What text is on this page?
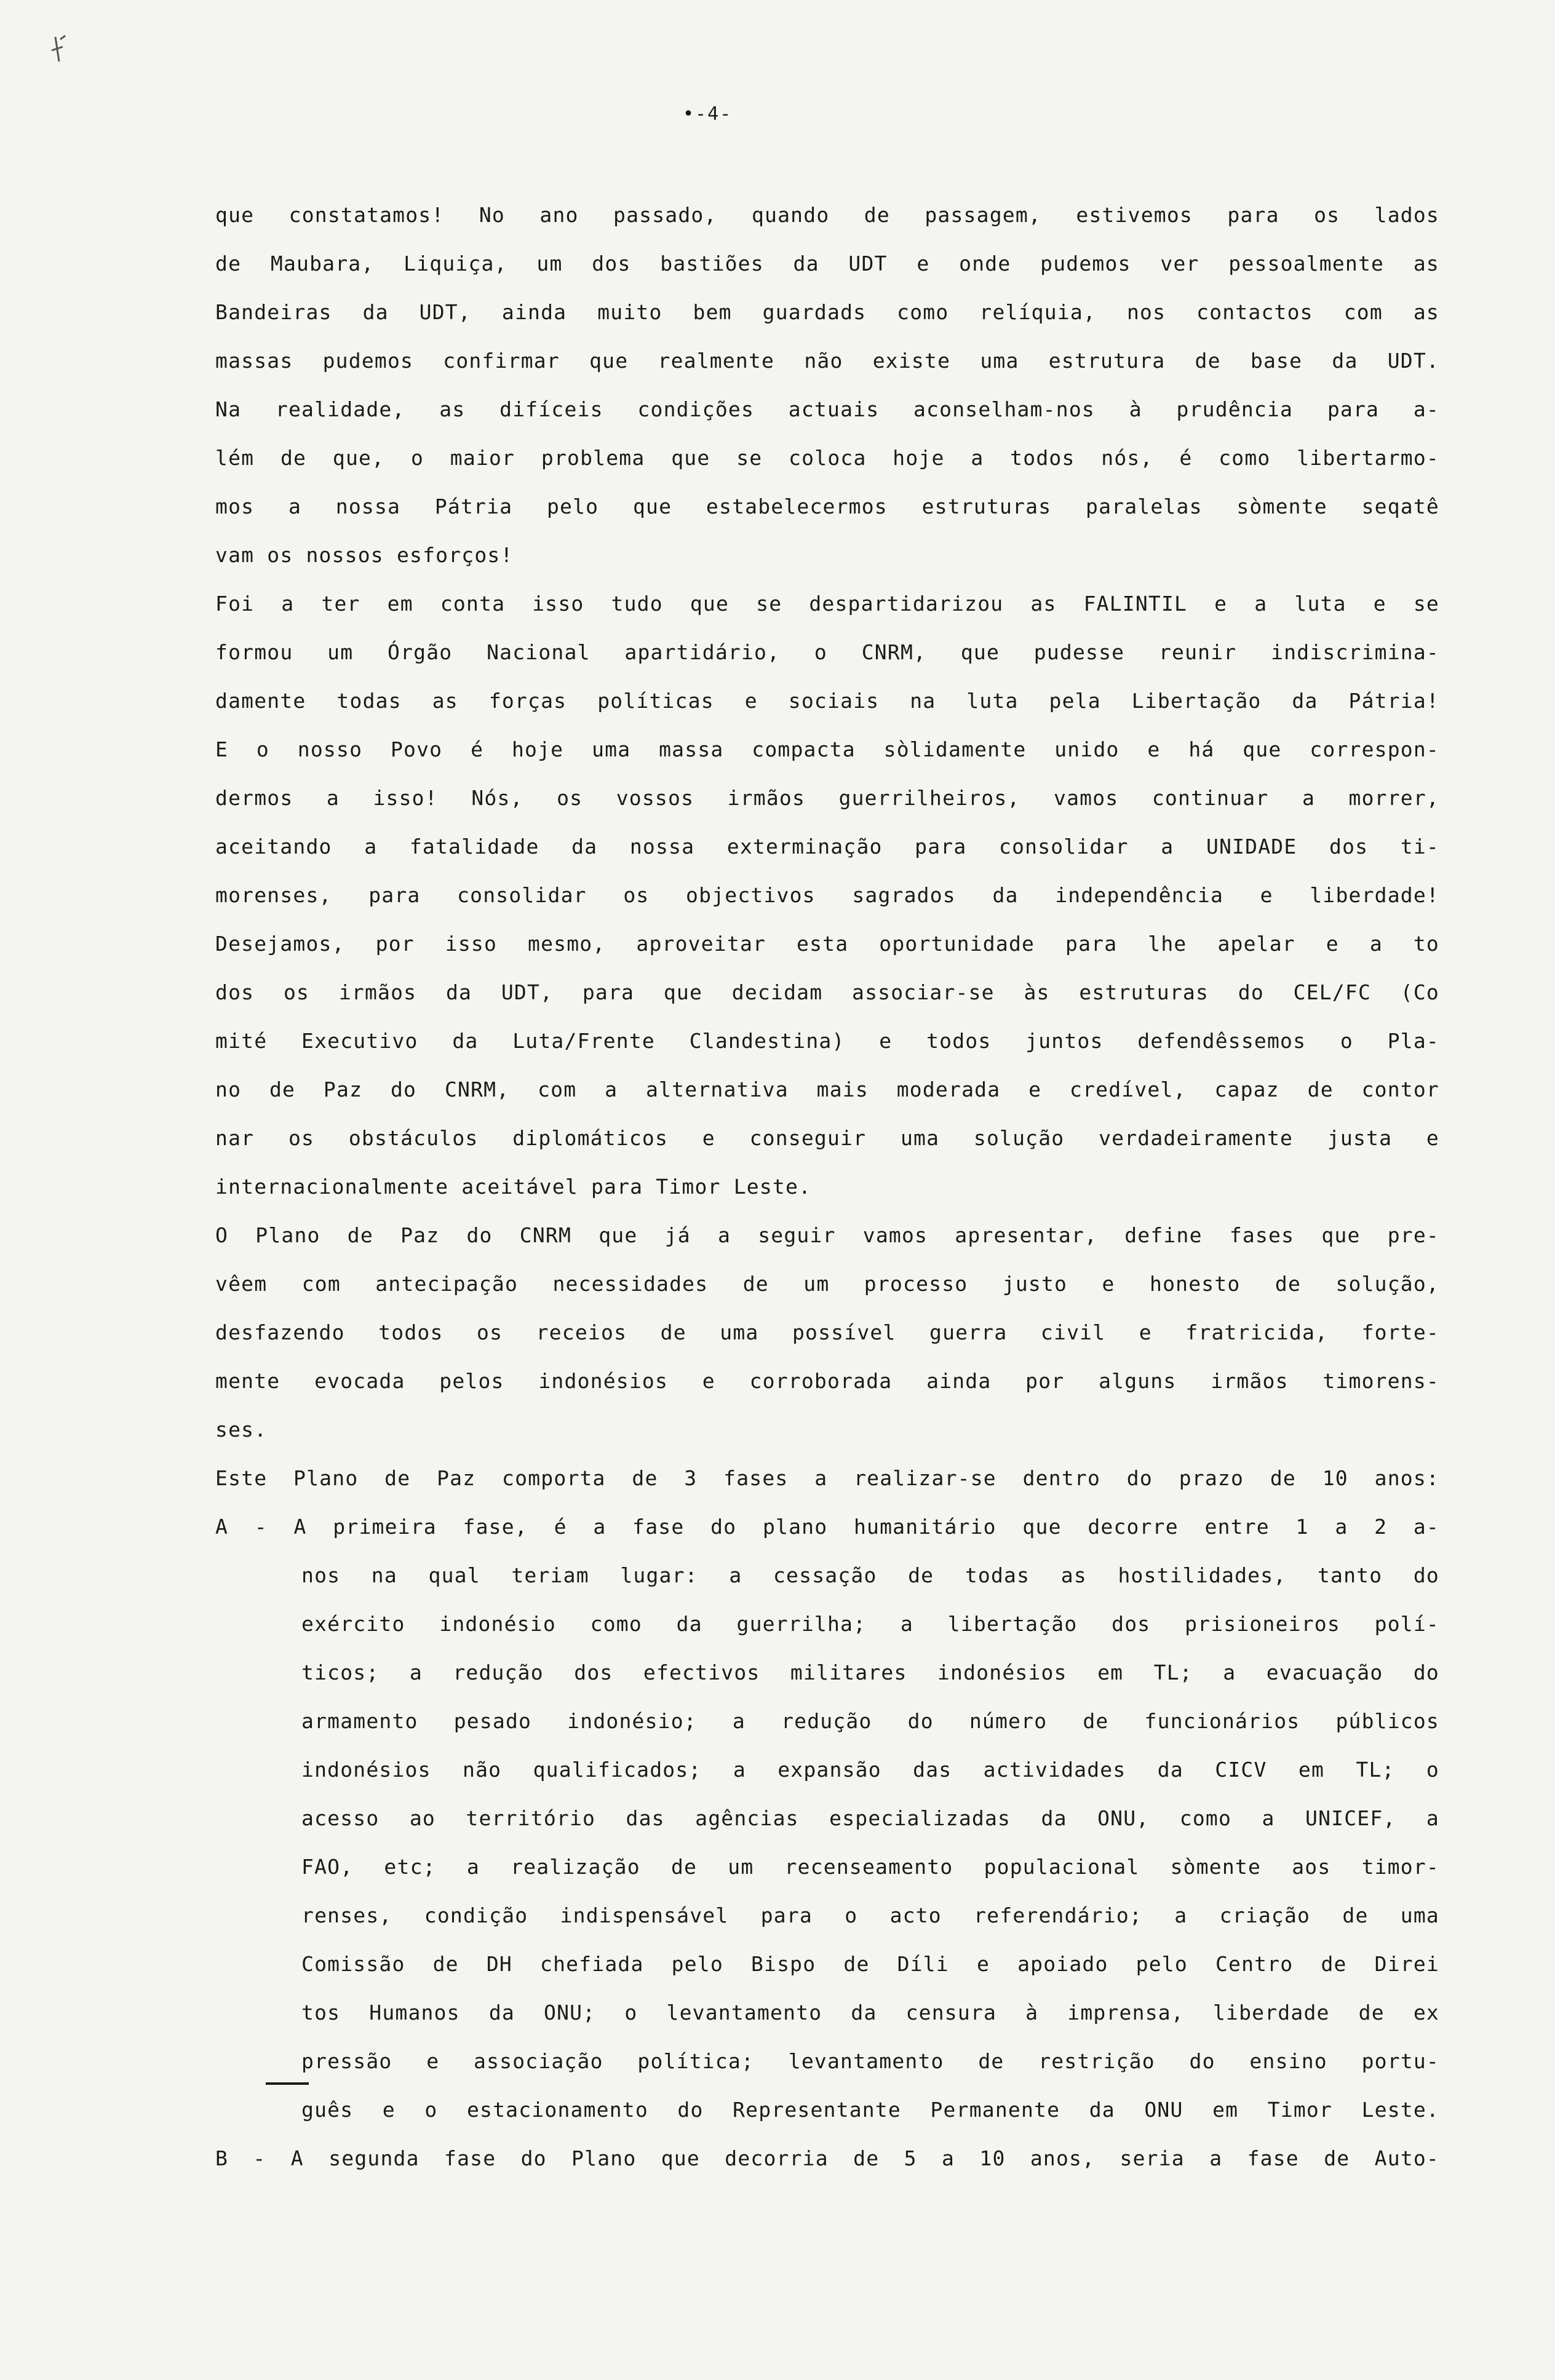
•-4-
que constatamos! No ano passado, quando de passagem, estivemos para os lados
de Maubara, Liquiça, um dos bastiões da UDT e onde pudemos ver pessoalmente as
Bandeiras da UDT, ainda muito bem guardads como relíquia, nos contactos com as
massas pudemos confirmar que realmente não existe uma estrutura de base da UDT.
Na realidade, as difíceis condições actuais aconselham-nos à prudência para a-
lém de que, o maior problema que se coloca hoje a todos nós, é como libertarmo-
mos a nossa Pátria pelo que estabelecermos estruturas paralelas sòmente seqatê
vam os nossos esforços!
Foi a ter em conta isso tudo que se despartidarizou as FALINTIL e a luta e se
formou um Órgão Nacional apartidário, o CNRM, que pudesse reunir indiscrimina-
damente todas as forças políticas e sociais na luta pela Libertação da Pátria!
E o nosso Povo é hoje uma massa compacta sòlidamente unido e há que correspon-
dermos a isso! Nós, os vossos irmãos guerrilheiros, vamos continuar a morrer,
aceitando a fatalidade da nossa exterminação para consolidar a UNIDADE dos ti-
morenses, para consolidar os objectivos sagrados da independência e liberdade!
Desejamos, por isso mesmo, aproveitar esta oportunidade para lhe apelar e a to
dos os irmãos da UDT, para que decidam associar-se às estruturas do CEL/FC (Co
mité Executivo da Luta/Frente Clandestina) e todos juntos defendêssemos o Pla-
no de Paz do CNRM, com a alternativa mais moderada e credível, capaz de contor
nar os obstáculos diplomáticos e conseguir uma solução verdadeiramente justa e
internacionalmente aceitável para Timor Leste.
O Plano de Paz do CNRM que já a seguir vamos apresentar, define fases que pre-
vêem com antecipação necessidades de um processo justo e honesto de solução,
desfazendo todos os receios de uma possível guerra civil e fratricida, forte-
mente evocada pelos indonésios e corroborada ainda por alguns irmãos timorens-
ses.
Este Plano de Paz comporta de 3 fases a realizar-se dentro do prazo de 10 anos:
A - A primeira fase, é a fase do plano humanitário que decorre entre 1 a 2 a-
nos na qual teriam lugar: a cessação de todas as hostilidades, tanto do
exército indonésio como da guerrilha; a libertação dos prisioneiros polí-
ticos; a redução dos efectivos militares indonésios em TL; a evacuação do
armamento pesado indonésio; a redução do número de funcionários públicos
indonésios não qualificados; a expansão das actividades da CICV em TL; o
acesso ao território das agências especializadas da ONU, como a UNICEF, a
FAO, etc; a realização de um recenseamento populacional sòmente aos timor-
renses, condição indispensável para o acto referendário; a criação de uma
Comissão de DH chefiada pelo Bispo de Díli e apoiado pelo Centro de Direi
tos Humanos da ONU; o levantamento da censura à imprensa, liberdade de ex
pressão e associação política; levantamento de restrição do ensino portu-
guês e o estacionamento do Representante Permanente da ONU em Timor Leste.
B - A segunda fase do Plano que decorria de 5 a 10 anos, seria a fase de Auto-
